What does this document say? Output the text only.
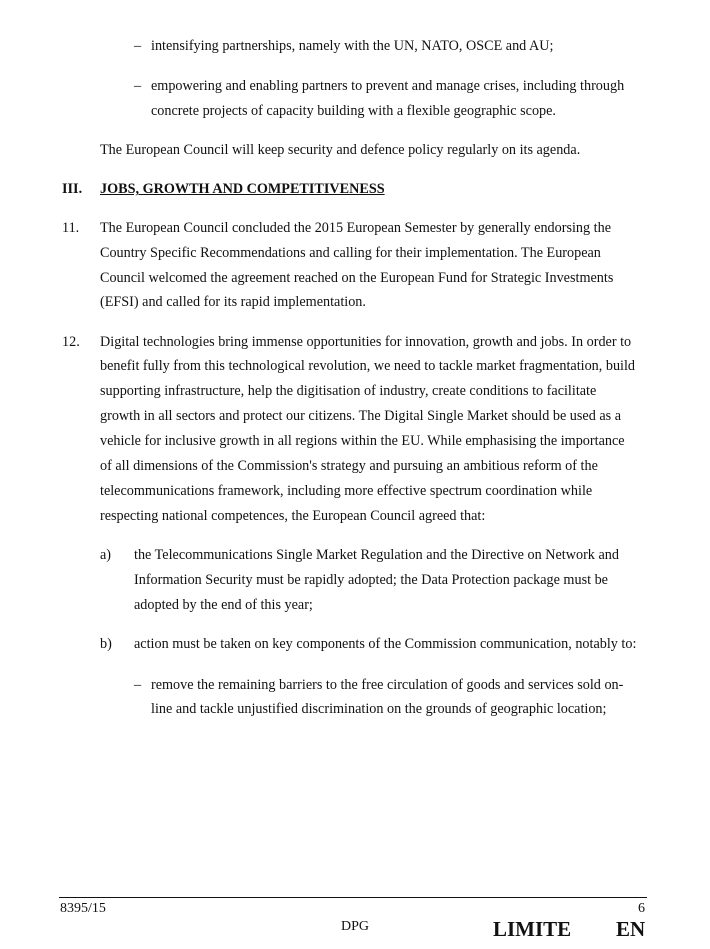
– intensifying partnerships, namely with the UN, NATO, OSCE and AU;
– empowering and enabling partners to prevent and manage crises, including through
concrete projects of capacity building with a flexible geographic scope.
The European Council will keep security and defence policy regularly on its agenda.
III. JOBS, GROWTH AND COMPETITIVENESS
11. The European Council concluded the 2015 European Semester by generally endorsing the
Country Specific Recommendations and calling for their implementation. The European
Council welcomed the agreement reached on the European Fund for Strategic Investments
(EFSI) and called for its rapid implementation.
12. Digital technologies bring immense opportunities for innovation, growth and jobs. In order to
benefit fully from this technological revolution, we need to tackle market fragmentation, build
supporting infrastructure, help the digitisation of industry, create conditions to facilitate
growth in all sectors and protect our citizens. The Digital Single Market should be used as a
vehicle for inclusive growth in all regions within the EU. While emphasising the importance
of all dimensions of the Commission's strategy and pursuing an ambitious reform of the
telecommunications framework, including more effective spectrum coordination while
respecting national competences, the European Council agreed that:
a) the Telecommunications Single Market Regulation and the Directive on Network and
Information Security must be rapidly adopted; the Data Protection package must be
adopted by the end of this year;
b) action must be taken on key components of the Commission communication, notably to:
– remove the remaining barriers to the free circulation of goods and services sold on-
line and tackle unjustified discrimination on the grounds of geographic location;
8395/15	6
DPG	LIMITE EN
